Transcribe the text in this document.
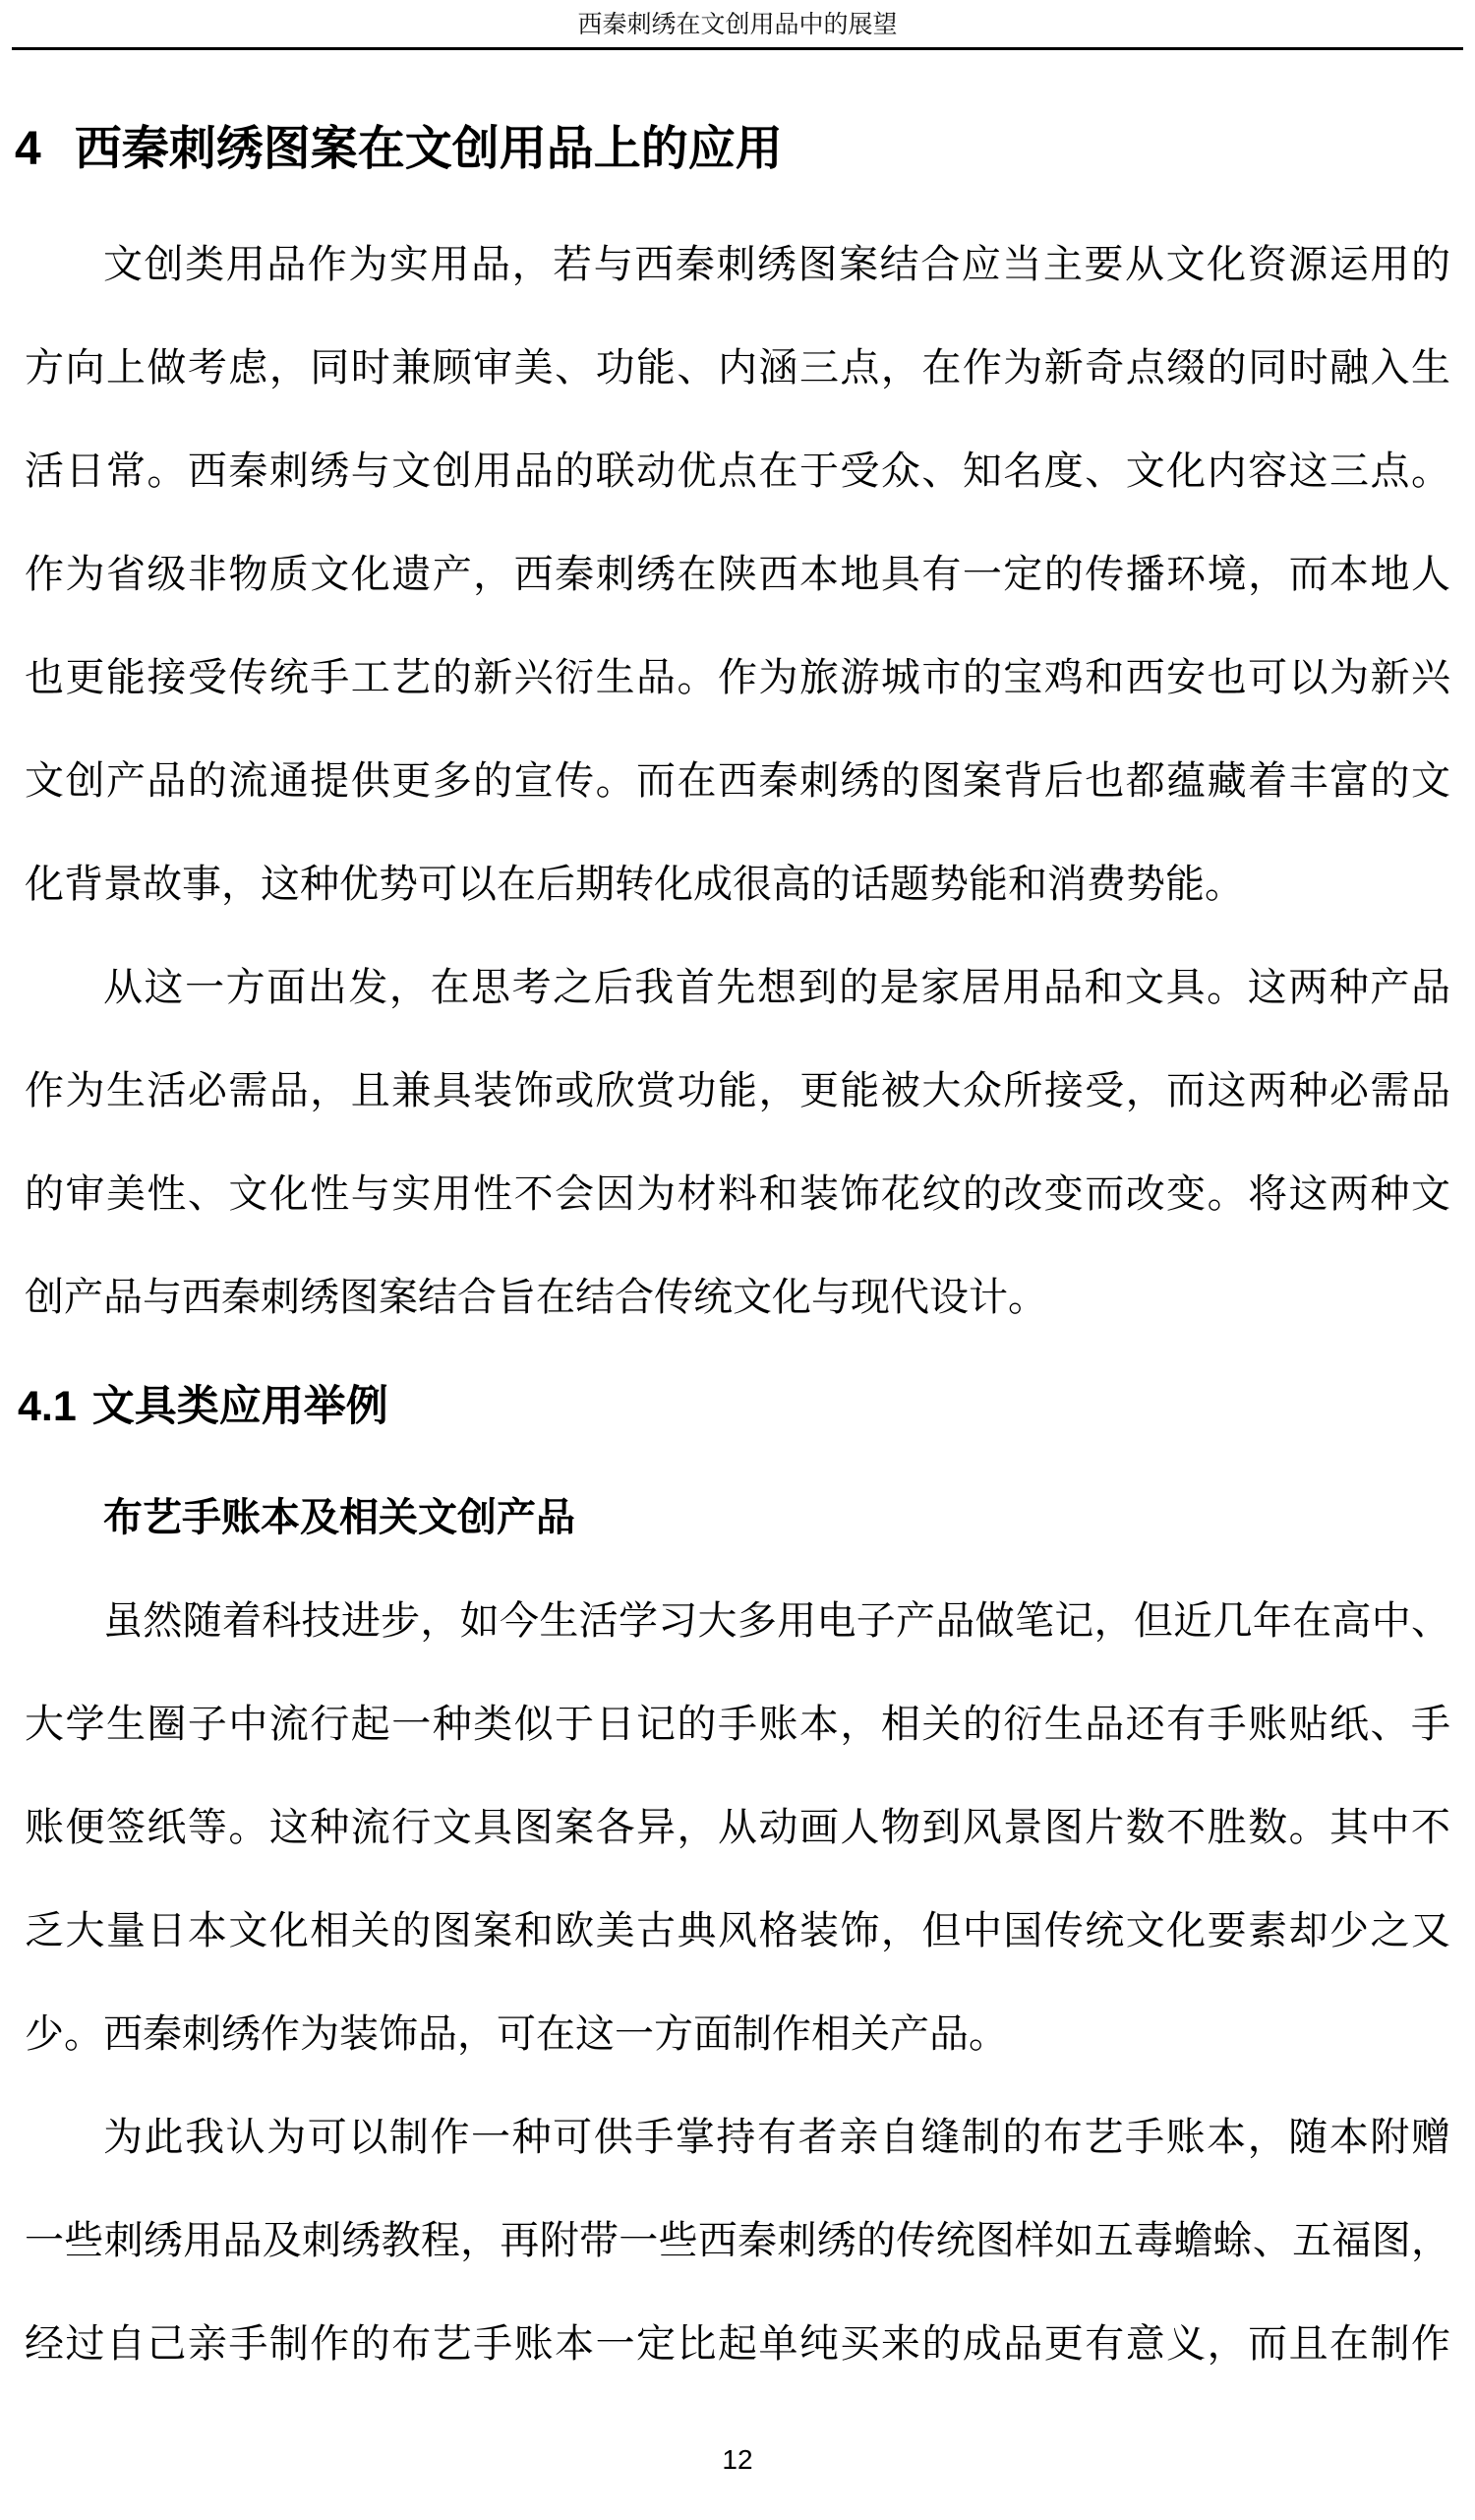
西秦刺绣在文创用品中的展望
4 西秦刺绣图案在文创用品上的应用
文创类用品作为实用品，若与西秦刺绣图案结合应当主要从文化资源运用的
方向上做考虑，同时兼顾审美、功能、内涵三点，在作为新奇点缀的同时融入生
活日常。西秦刺绣与文创用品的联动优点在于受众、知名度、文化内容这三点。
作为省级非物质文化遗产，西秦刺绣在陕西本地具有一定的传播环境，而本地人
也更能接受传统手工艺的新兴衍生品。作为旅游城市的宝鸡和西安也可以为新兴
文创产品的流通提供更多的宣传。而在西秦刺绣的图案背后也都蕴藏着丰富的文
化背景故事，这种优势可以在后期转化成很高的话题势能和消费势能。
从这一方面出发，在思考之后我首先想到的是家居用品和文具。这两种产品
作为生活必需品，且兼具装饰或欣赏功能，更能被大众所接受，而这两种必需品
的审美性、文化性与实用性不会因为材料和装饰花纹的改变而改变。将这两种文
创产品与西秦刺绣图案结合旨在结合传统文化与现代设计。
4.1 文具类应用举例
布艺手账本及相关文创产品
虽然随着科技进步，如今生活学习大多用电子产品做笔记，但近几年在高中、
大学生圈子中流行起一种类似于日记的手账本，相关的衍生品还有手账贴纸、手
账便签纸等。这种流行文具图案各异，从动画人物到风景图片数不胜数。其中不
乏大量日本文化相关的图案和欧美古典风格装饰，但中国传统文化要素却少之又
少。西秦刺绣作为装饰品，可在这一方面制作相关产品。
为此我认为可以制作一种可供手掌持有者亲自缝制的布艺手账本，随本附赠
一些刺绣用品及刺绣教程，再附带一些西秦刺绣的传统图样如五毒蟾蜍、五福图，
经过自己亲手制作的布艺手账本一定比起单纯买来的成品更有意义，而且在制作
12
